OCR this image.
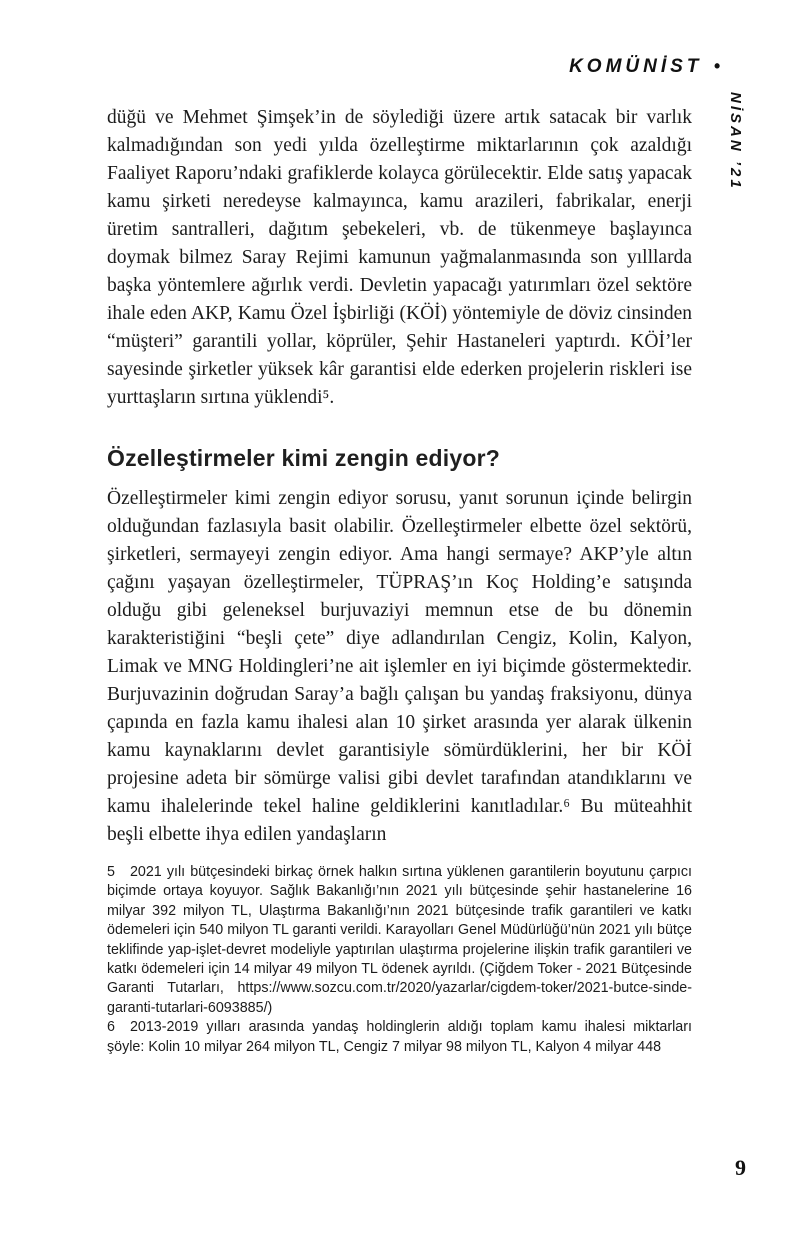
KOMÜNİST •
NİSAN ’21

düğü ve Mehmet Şimşek’in de söylediği üzere artık satacak bir varlık kalmadığından son yedi yılda özelleştirme miktarlarının çok azaldığı Faaliyet Raporu’ndaki grafiklerde kolayca görülecektir. Elde satış yapacak kamu şirketi neredeyse kalmayınca, kamu arazileri, fabrikalar, enerji üretim santralleri, dağıtım şebekeleri, vb. de tükenmeye başlayınca doymak bilmez Saray Rejimi kamunun yağmalanmasında son yılllarda başka yöntemlere ağırlık verdi. Devletin yapacağı yatırımları özel sektöre ihale eden AKP, Kamu Özel İşbirliği (KÖİ) yöntemiyle de döviz cinsinden “müşteri” garantili yollar, köprüler, Şehir Hastaneleri yaptırdı. KÖİ’ler sayesinde şirketler yüksek kâr garantisi elde ederken projelerin riskleri ise yurttaşların sırtına yüklendi⁵.

Özelleştirmeler kimi zengin ediyor?

Özelleştirmeler kimi zengin ediyor sorusu, yanıt sorunun içinde belirgin olduğundan fazlasıyla basit olabilir. Özelleştirmeler elbette özel sektörü, şirketleri, sermayeyi zengin ediyor. Ama hangi sermaye? AKP’yle altın çağını yaşayan özelleştirmeler, TÜPRAŞ’ın Koç Holding’e satışında olduğu gibi geleneksel burjuvaziyi memnun etse de bu dönemin karakteristiğini “beşli çete” diye adlandırılan Cengiz, Kolin, Kalyon, Limak ve MNG Holdingleri’ne ait işlemler en iyi biçimde göstermektedir. Burjuvazinin doğrudan Saray’a bağlı çalışan bu yandaş fraksiyonu, dünya çapında en fazla kamu ihalesi alan 10 şirket arasında yer alarak ülkenin kamu kaynaklarını devlet garantisiyle sömürdüklerini, her bir KÖİ projesine adeta bir sömürge valisi gibi devlet tarafından atandıklarını ve kamu ihalelerinde tekel haline geldiklerini kanıtladılar.⁶ Bu müteahhit beşli elbette ihya edilen yandaşların

5 2021 yılı bütçesindeki birkaç örnek halkın sırtına yüklenen garantilerin boyutunu çarpıcı biçimde ortaya koyuyor. Sağlık Bakanlığı’nın 2021 yılı bütçesinde şehir hastanelerine 16 milyar 392 milyon TL, Ulaştırma Bakanlığı’nın 2021 bütçesinde trafik garantileri ve katkı ödemeleri için 540 milyon TL garanti verildi. Karayolları Genel Müdürlüğü’nün 2021 yılı bütçe teklifinde yap-işlet-devret modeliyle yaptırılan ulaştırma projelerine ilişkin trafik garantileri ve katkı ödemeleri için 14 milyar 49 milyon TL ödenek ayrıldı. (Çiğdem Toker - 2021 Bütçesinde Garanti Tutarları, https://www.sozcu.com.tr/2020/yazarlar/cigdem-toker/2021-butce-sinde-garanti-tutarlari-6093885/)

6 2013-2019 yılları arasında yandaş holdinglerin aldığı toplam kamu ihalesi miktarları şöyle: Kolin 10 milyar 264 milyon TL, Cengiz 7 milyar 98 milyon TL, Kalyon 4 milyar 448

9
